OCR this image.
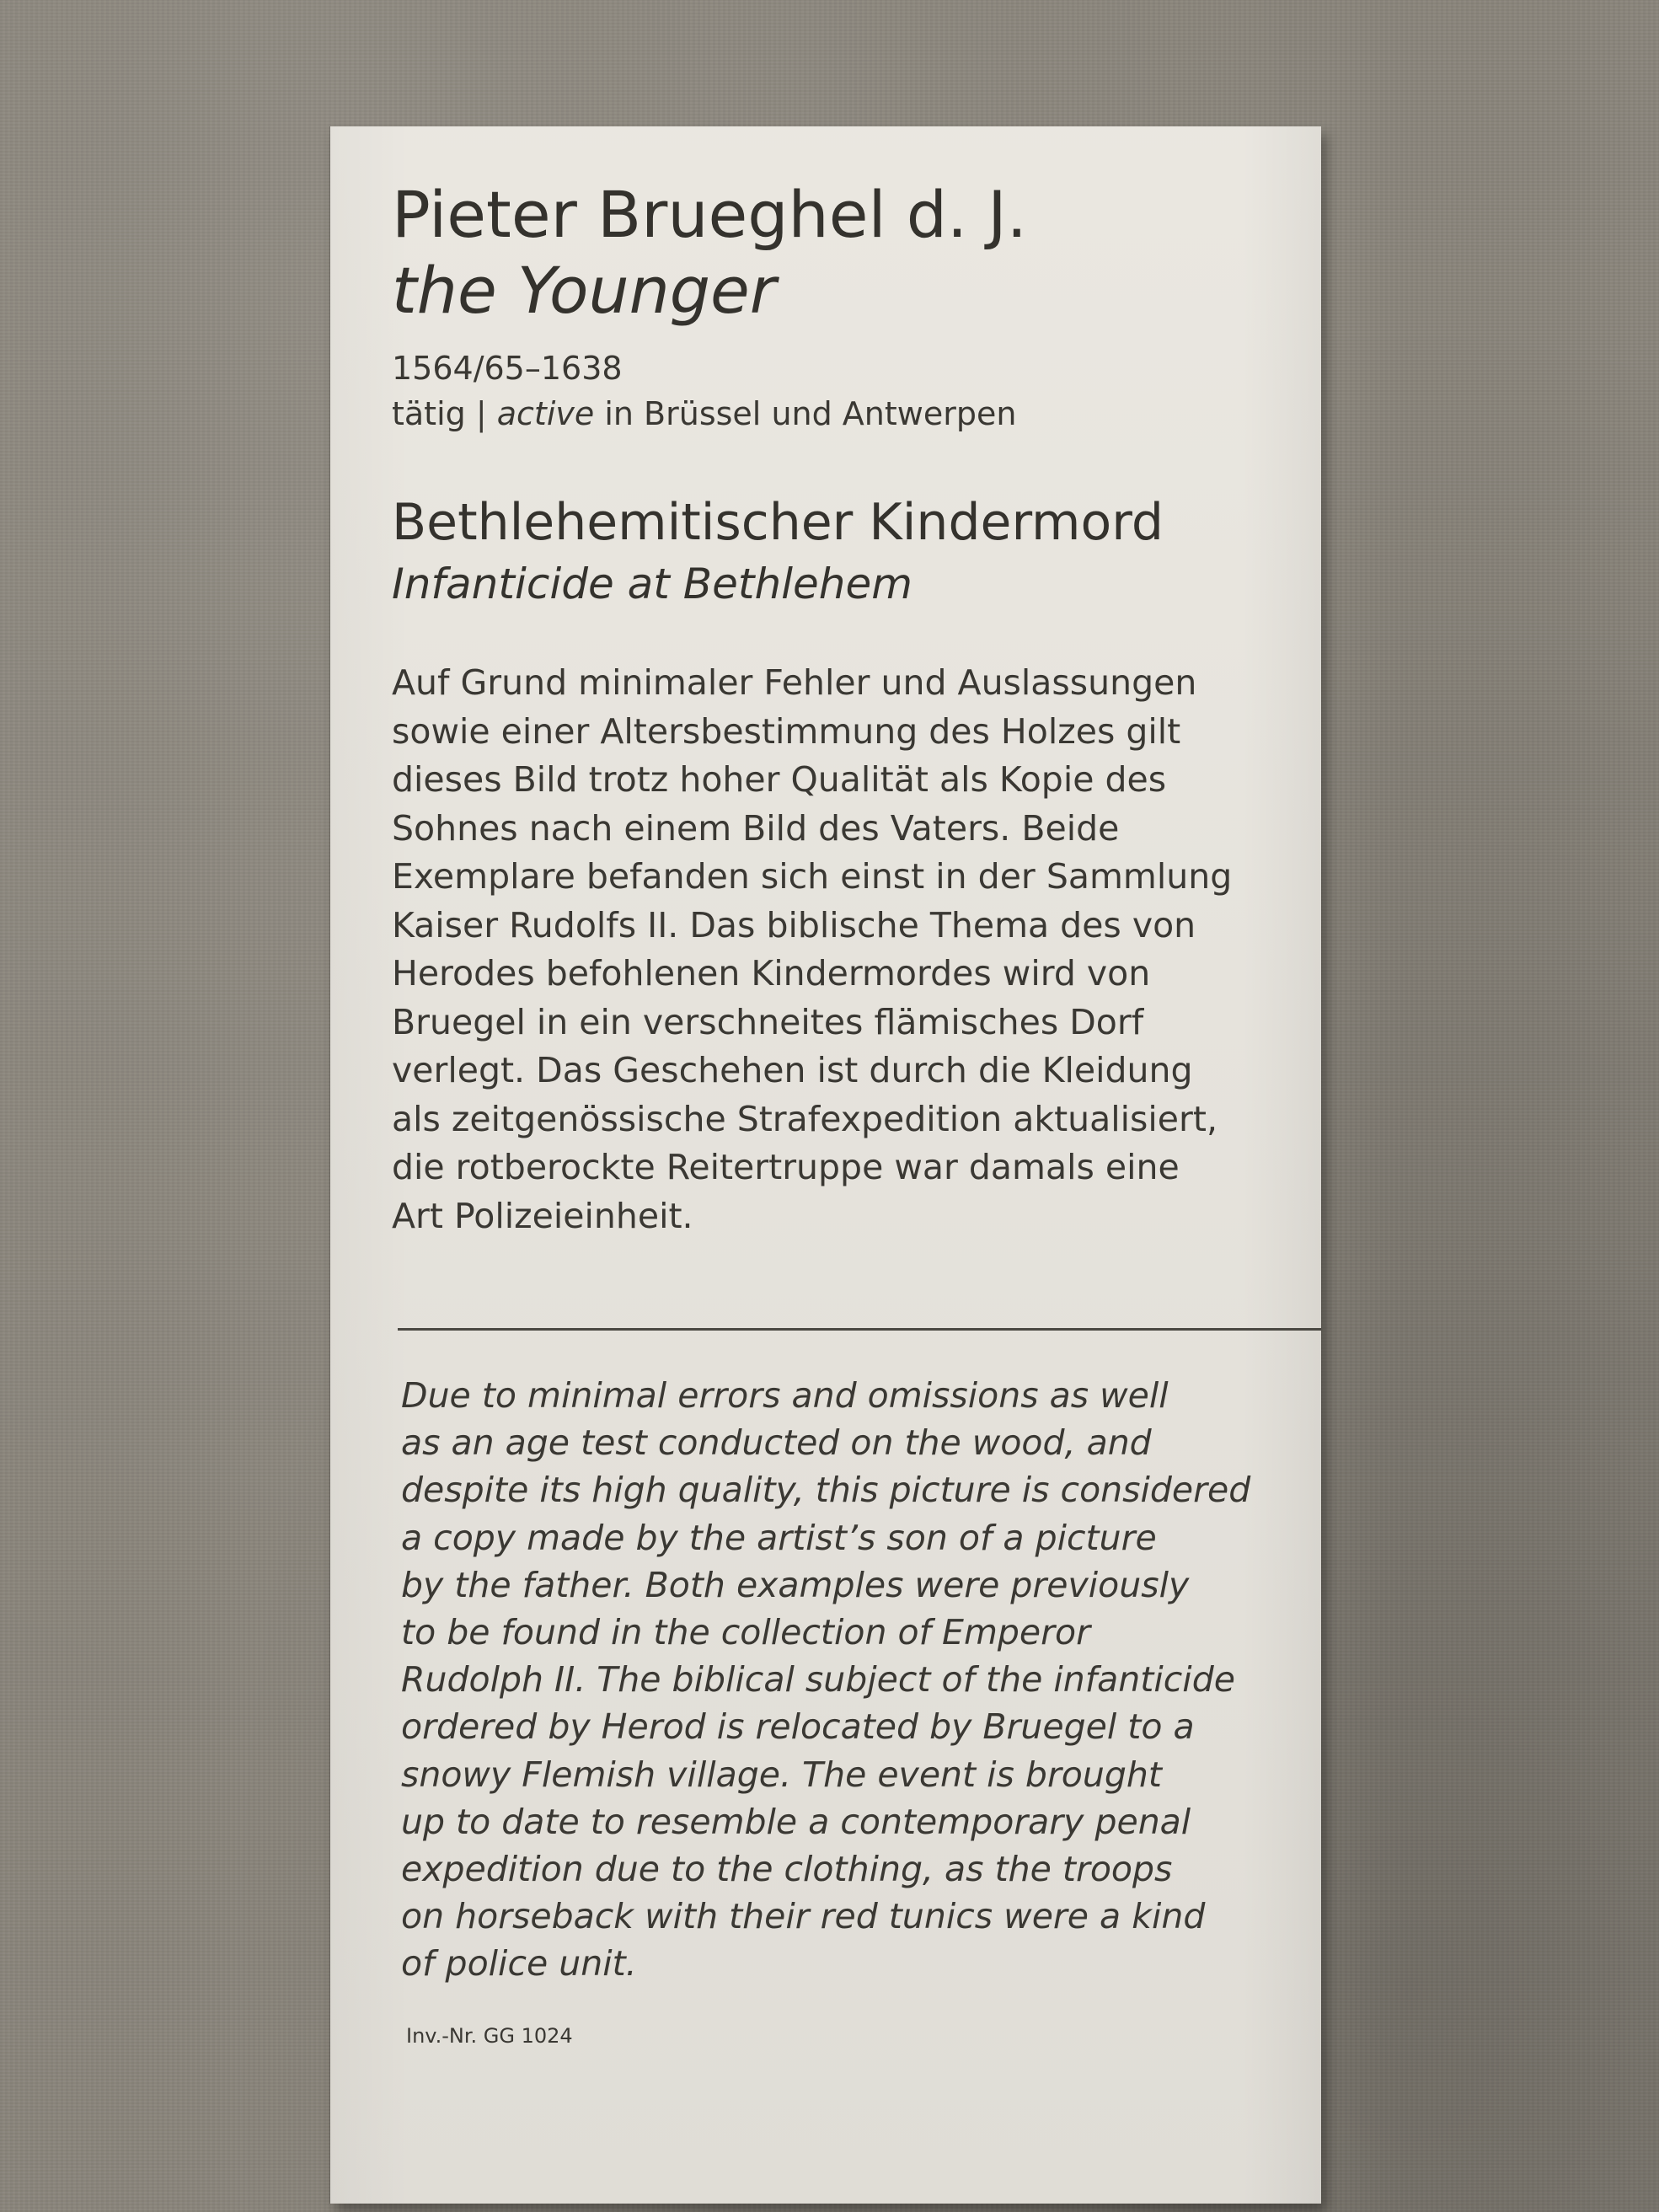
Pieter Brueghel d. J.
the Younger
1564/65–1638
tätig | active in Brüssel und Antwerpen
Bethlehemitischer Kindermord
Infanticide at Bethlehem
Auf Grund minimaler Fehler und Auslassungen
sowie einer Altersbestimmung des Holzes gilt
dieses Bild trotz hoher Qualität als Kopie des
Sohnes nach einem Bild des Vaters. Beide
Exemplare befanden sich einst in der Sammlung
Kaiser Rudolfs II. Das biblische Thema des von
Herodes befohlenen Kindermordes wird von
Bruegel in ein verschneites flämisches Dorf
verlegt. Das Geschehen ist durch die Kleidung
als zeitgenössische Strafexpedition aktualisiert,
die rotberockte Reitertruppe war damals eine
Art Polizeieinheit.
Due to minimal errors and omissions as well
as an age test conducted on the wood, and
despite its high quality, this picture is considered
a copy made by the artist’s son of a picture
by the father. Both examples were previously
to be found in the collection of Emperor
Rudolph II. The biblical subject of the infanticide
ordered by Herod is relocated by Bruegel to a
snowy Flemish village. The event is brought
up to date to resemble a contemporary penal
expedition due to the clothing, as the troops
on horseback with their red tunics were a kind
of police unit.
Inv.-Nr. GG 1024
